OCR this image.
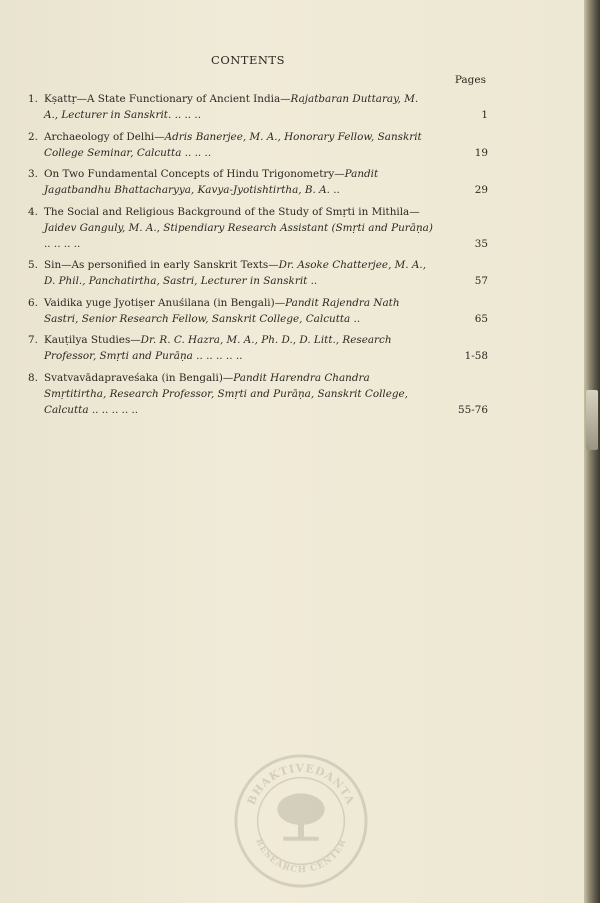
CONTENTS
Pages
1. Kṣattṛ—A State Functionary of Ancient India—Rajatbaran Duttaray, M. A., Lecturer in Sanskrit. .. .. ..	1
2. Archaeology of Delhi—Adris Banerjee, M. A., Honorary Fellow, Sanskrit College Seminar, Calcutta .. .. ..	19
3. On Two Fundamental Concepts of Hindu Trigonometry—Pandit Jagatbandhu Bhattacharyya, Kavya-Jyotishtirtha, B. A. ..	29
4. The Social and Religious Background of the Study of Smṛti in Mithila—Jaidev Ganguly, M. A., Stipendiary Research Assistant (Smṛti and Purāṇa) .. .. .. ..	35
5. Sin—As personified in early Sanskrit Texts—Dr. Asoke Chatterjee, M. A., D. Phil., Panchatirtha, Sastri, Lecturer in Sanskrit ..	57
6. Vaidika yuge Jyotiṣer Anuśilana (in Bengali)—Pandit Rajendra Nath Sastri, Senior Research Fellow, Sanskrit College, Calcutta ..	65
7. Kauṭilya Studies—Dr. R. C. Hazra, M. A., Ph. D., D. Litt., Research Professor, Smṛti and Purāṇa .. .. .. .. ..	1-58
8. Svatvavādapraveśaka (in Bengali)—Pandit Harendra Chandra Smṛtitirtha, Research Professor, Smṛti and Purāṇa, Sanskrit College, Calcutta .. .. .. .. ..	55-76
BHAKTIVEDANTA
RESEARCH CENTER
